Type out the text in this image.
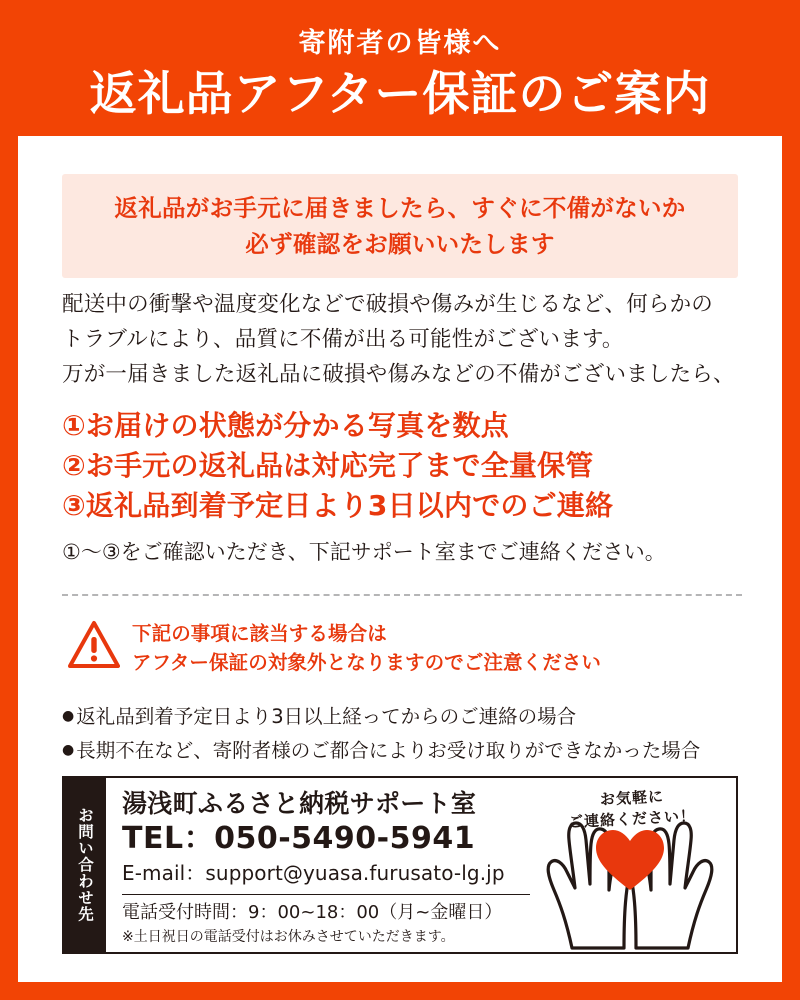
寄附者の皆様へ
返礼品アフター保証のご案内
返礼品がお手元に届きましたら、すぐに不備がないか
必ず確認をお願いいたします
配送中の衝撃や温度変化などで破損や傷みが生じるなど、何らかの
トラブルにより、品質に不備が出る可能性がございます。
万が一届きました返礼品に破損や傷みなどの不備がございましたら、
①お届けの状態が分かる写真を数点
②お手元の返礼品は対応完了まで全量保管
③返礼品到着予定日より3日以内でのご連絡
①〜③をご確認いただき、下記サポート室までご連絡ください。
下記の事項に該当する場合は
アフター保証の対象外となりますのでご注意ください
● 返礼品到着予定日より3日以上経ってからのご連絡の場合
● 長期不在など、寄附者様のご都合によりお受け取りができなかった場合
お問い合わせ先
湯浅町ふるさと納税サポート室
TEL：050-5490-5941
E-mail：support@yuasa.furusato-lg.jp
電話受付時間：9：00~18：00（月~金曜日）
※土日祝日の電話受付はお休みさせていただきます。
お気軽に
ご連絡ください！
